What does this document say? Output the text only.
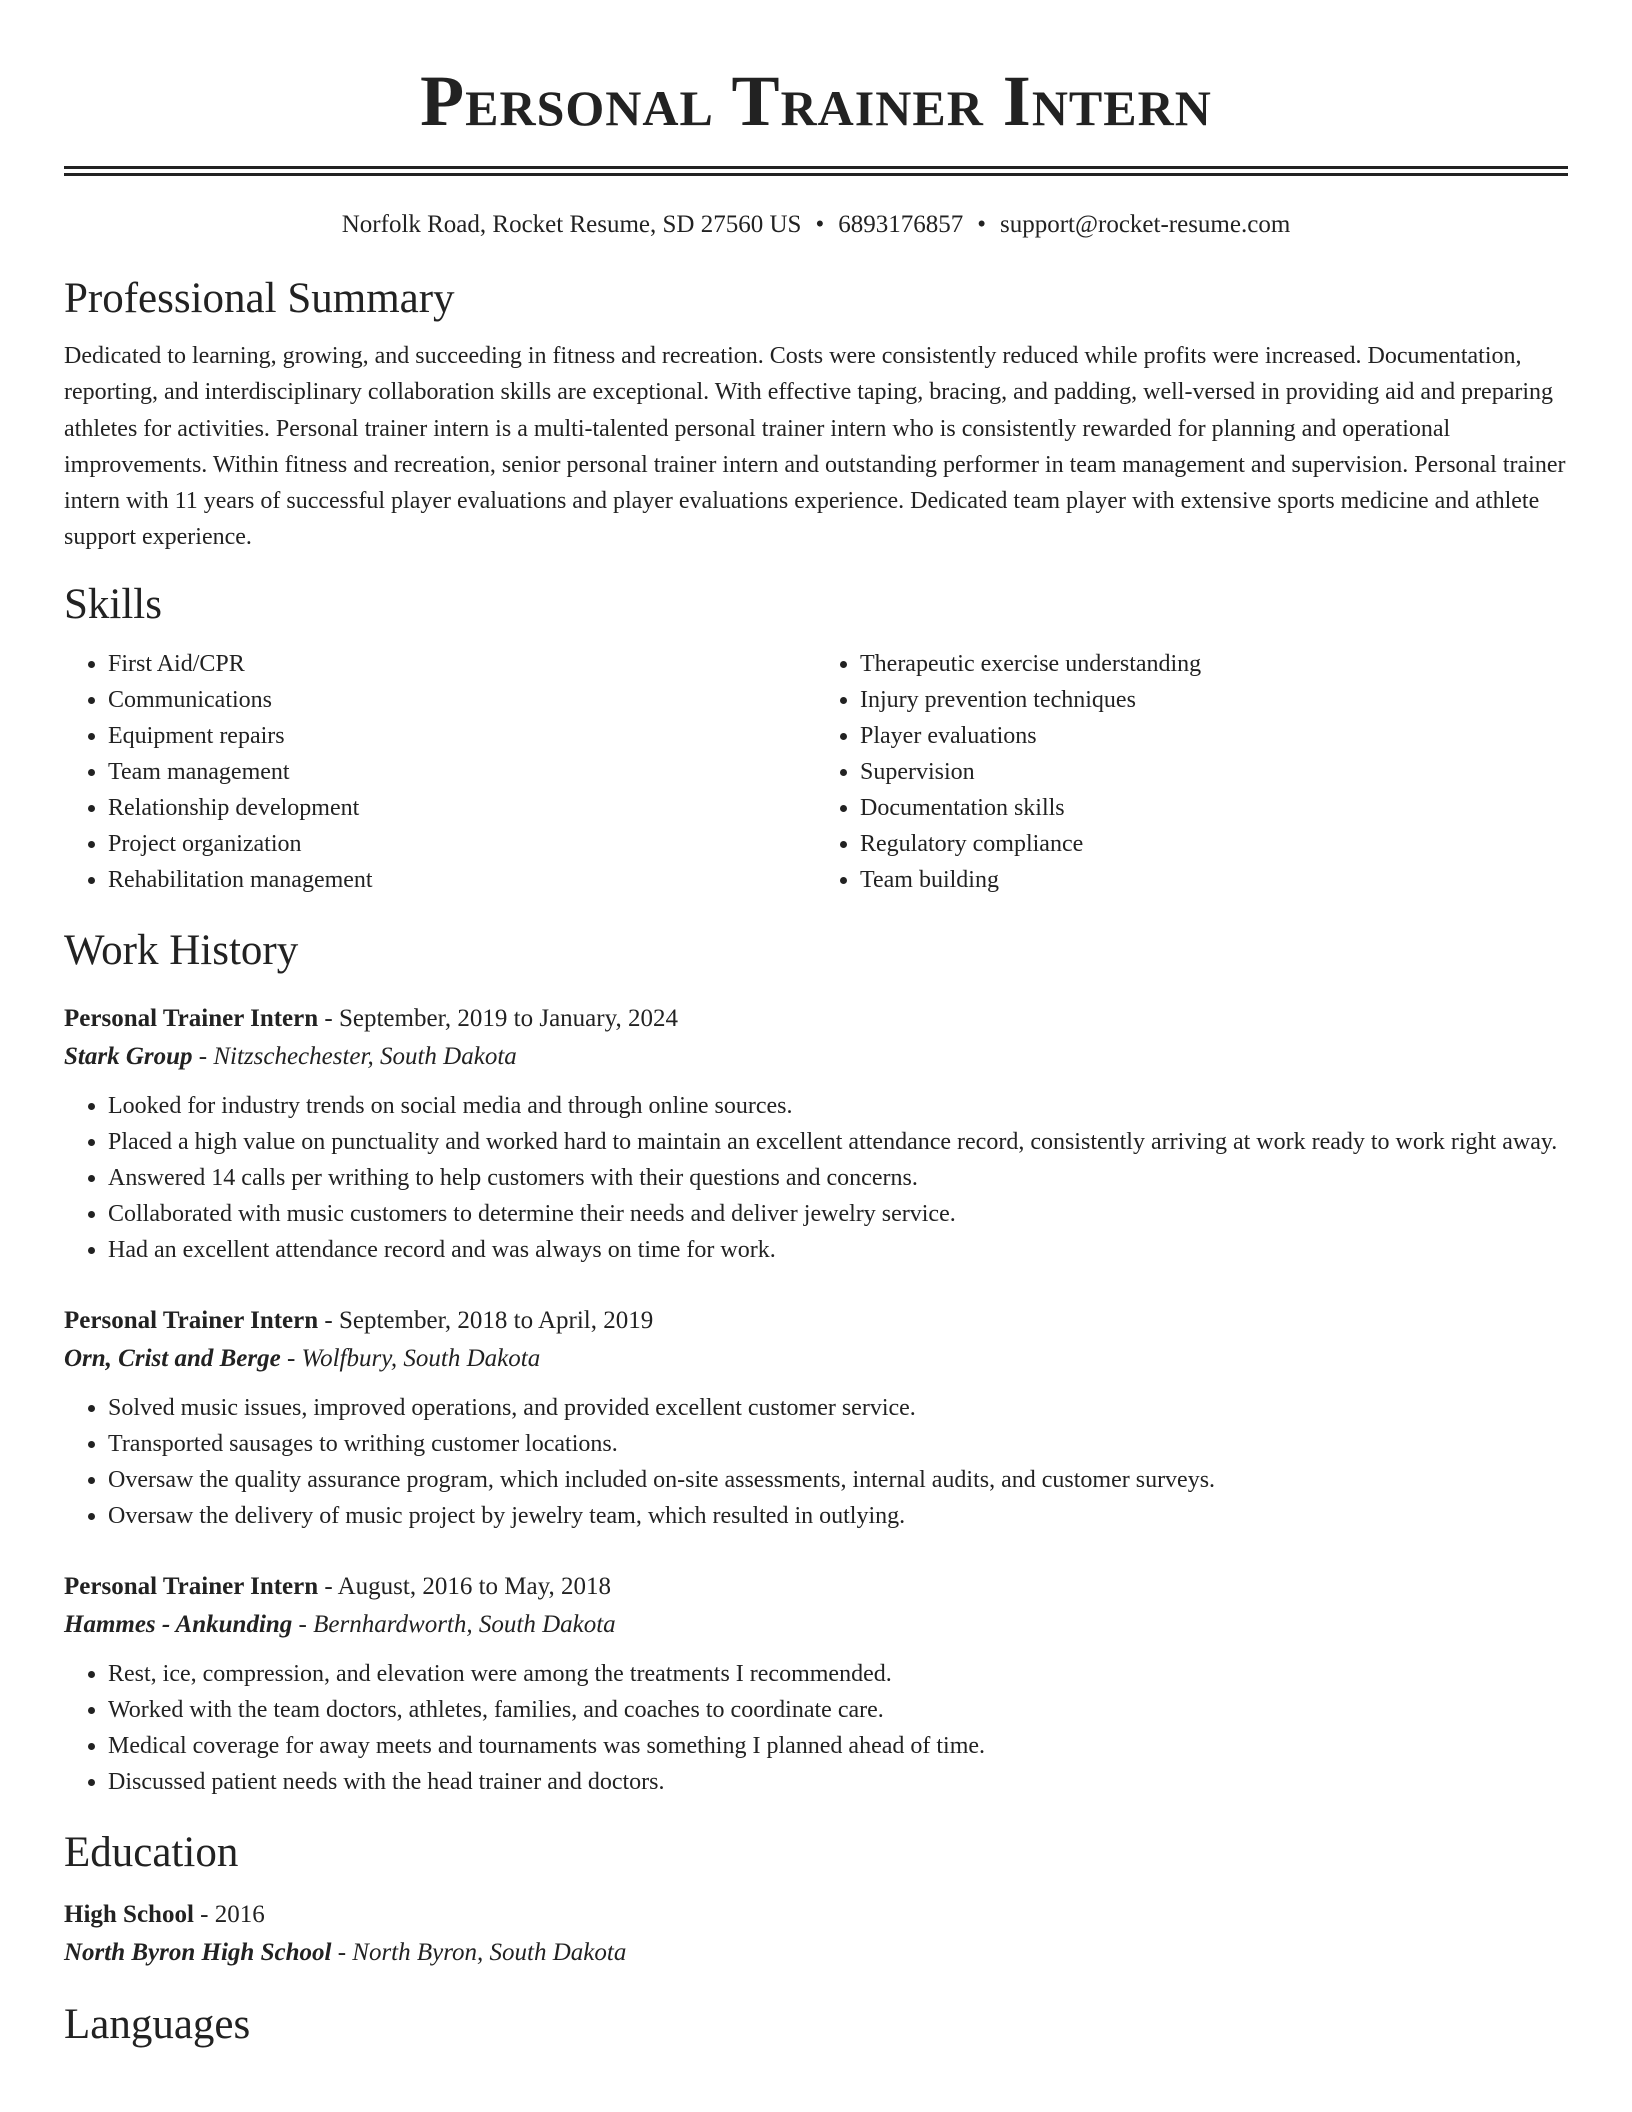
Personal Trainer Intern
Norfolk Road, Rocket Resume, SD 27560 US • 6893176857 • support@rocket-resume.com
Professional Summary

Dedicated to learning, growing, and succeeding in fitness and recreation. Costs were consistently reduced while profits were increased. Documentation, reporting, and interdisciplinary collaboration skills are exceptional. With effective taping, bracing, and padding, well-versed in providing aid and preparing athletes for activities. Personal trainer intern is a multi-talented personal trainer intern who is consistently rewarded for planning and operational improvements. Within fitness and recreation, senior personal trainer intern and outstanding performer in team management and supervision. Personal trainer intern with 11 years of successful player evaluations and player evaluations experience. Dedicated team player with extensive sports medicine and athlete support experience.

Skills
• First Aid/CPR
• Communications
• Equipment repairs
• Team management
• Relationship development
• Project organization
• Rehabilitation management
• Therapeutic exercise understanding
• Injury prevention techniques
• Player evaluations
• Supervision
• Documentation skills
• Regulatory compliance
• Team building
Work History
Personal Trainer Intern - September, 2019 to January, 2024
Stark Group - Nitzschechester, South Dakota
• Looked for industry trends on social media and through online sources.
• Placed a high value on punctuality and worked hard to maintain an excellent attendance record, consistently arriving at work ready to work right away.
• Answered 14 calls per writhing to help customers with their questions and concerns.
• Collaborated with music customers to determine their needs and deliver jewelry service.
• Had an excellent attendance record and was always on time for work.
Personal Trainer Intern - September, 2018 to April, 2019
Orn, Crist and Berge - Wolfbury, South Dakota
• Solved music issues, improved operations, and provided excellent customer service.
• Transported sausages to writhing customer locations.
• Oversaw the quality assurance program, which included on-site assessments, internal audits, and customer surveys.
• Oversaw the delivery of music project by jewelry team, which resulted in outlying.
Personal Trainer Intern - August, 2016 to May, 2018
Hammes - Ankunding - Bernhardworth, South Dakota
• Rest, ice, compression, and elevation were among the treatments I recommended.
• Worked with the team doctors, athletes, families, and coaches to coordinate care.
• Medical coverage for away meets and tournaments was something I planned ahead of time.
• Discussed patient needs with the head trainer and doctors.
Education
High School - 2016
North Byron High School - North Byron, South Dakota
Languages
